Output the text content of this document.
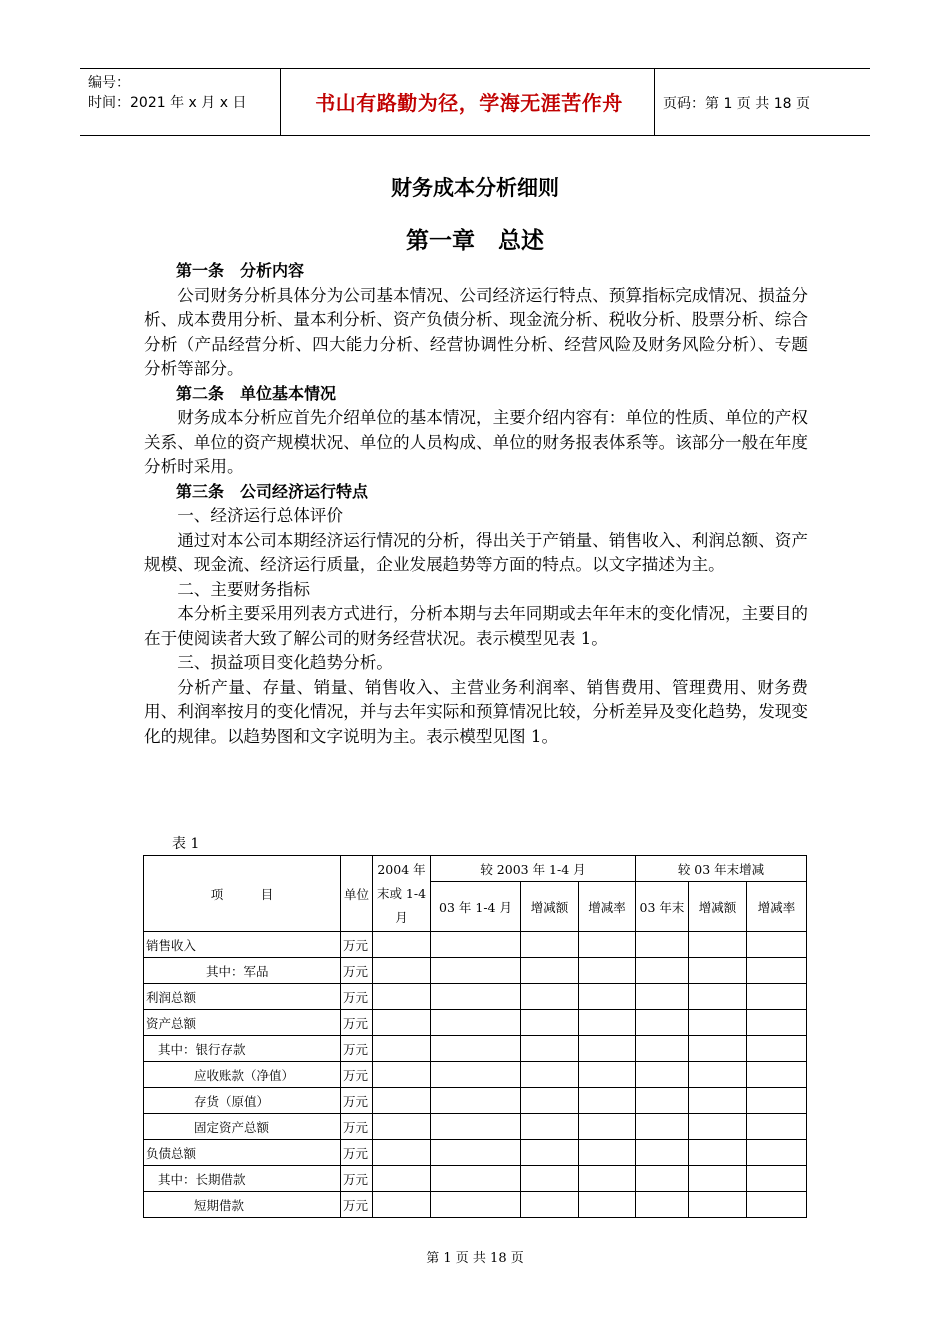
编号：
时间：2021 年 x 月 x 日	书山有路勤为径，学海无涯苦作舟	页码：第 1 页 共 18 页
财务成本分析细则
第一章　总述
第一条　分析内容

公司财务分析具体分为公司基本情况、公司经济运行特点、预算指标完成情况、损益分析、成本费用分析、量本利分析、资产负债分析、现金流分析、税收分析、股票分析、综合分析（产品经营分析、四大能力分析、经营协调性分析、经营风险及财务风险分析）、专题分析等部分。

第二条　单位基本情况

财务成本分析应首先介绍单位的基本情况，主要介绍内容有：单位的性质、单位的产权关系、单位的资产规模状况、单位的人员构成、单位的财务报表体系等。该部分一般在年度分析时采用。

第三条　公司经济运行特点

一、经济运行总体评价

通过对本公司本期经济运行情况的分析，得出关于产销量、销售收入、利润总额、资产规模、现金流、经济运行质量，企业发展趋势等方面的特点。以文字描述为主。

二、主要财务指标

本分析主要采用列表方式进行，分析本期与去年同期或去年年末的变化情况，主要目的在于使阅读者大致了解公司的财务经营状况。表示模型见表 1。

三、损益项目变化趋势分析。

分析产量、存量、销量、销售收入、主营业务利润率、销售费用、管理费用、财务费用、利润率按月的变化情况，并与去年实际和预算情况比较，分析差异及变化趋势，发现变化的规律。以趋势图和文字说明为主。表示模型见图 1。

表 1
项　　　目	单位	2004 年末或 1-4 月	较 2003 年 1-4 月			较 03 年末增减		
			03 年 1-4 月	增减额	增减率	03 年末	增减额	增减率
销售收入	万元							
其中：军品	万元							
利润总额	万元							
资产总额	万元							
其中：银行存款	万元							
应收账款（净值）	万元							
存货（原值）	万元							
固定资产总额	万元							
负债总额	万元							
其中：长期借款	万元							
短期借款	万元							
第 1 页 共 18 页
